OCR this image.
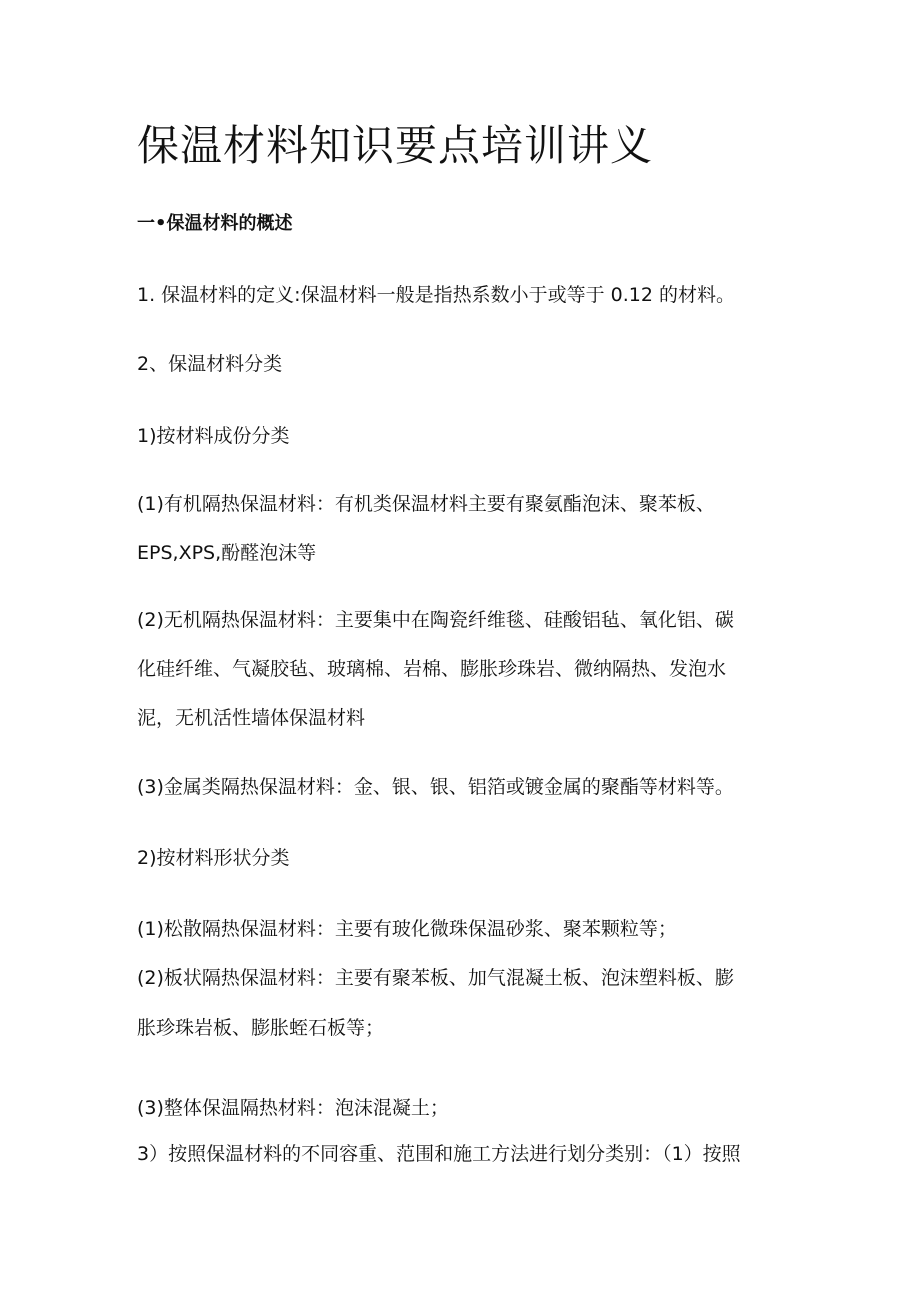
保温材料知识要点培训讲义
一•保温材料的概述
1. 保温材料的定义:保温材料一般是指热系数小于或等于 0.12 的材料。
2、保温材料分类
1)按材料成份分类
(1)有机隔热保温材料：有机类保温材料主要有聚氨酯泡沫、聚苯板、
EPS,XPS,酚醛泡沫等
(2)无机隔热保温材料：主要集中在陶瓷纤维毯、硅酸铝毡、氧化铝、碳
化硅纤维、气凝胶毡、玻璃棉、岩棉、膨胀珍珠岩、微纳隔热、发泡水
泥，无机活性墙体保温材料
(3)金属类隔热保温材料：金、银、银、铝箔或镀金属的聚酯等材料等。
2)按材料形状分类
(1)松散隔热保温材料：主要有玻化微珠保温砂浆、聚苯颗粒等；
(2)板状隔热保温材料：主要有聚苯板、加气混凝土板、泡沫塑料板、膨
胀珍珠岩板、膨胀蛭石板等；
(3)整体保温隔热材料：泡沫混凝土；
3）按照保温材料的不同容重、范围和施工方法进行划分类别：（1）按照
